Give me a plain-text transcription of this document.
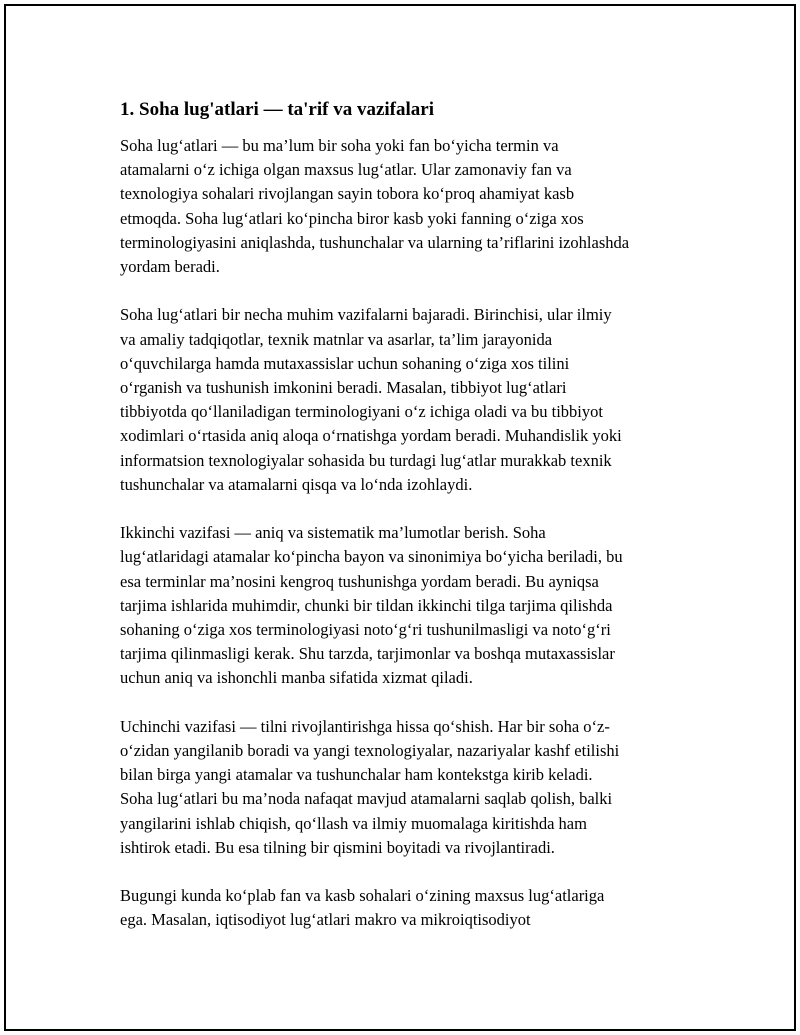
1. Soha lug'atlari — ta'rif va vazifalari

Soha lug‘atlari — bu ma’lum bir soha yoki fan bo‘yicha termin va
atamalarni o‘z ichiga olgan maxsus lug‘atlar. Ular zamonaviy fan va
texnologiya sohalari rivojlangan sayin tobora ko‘proq ahamiyat kasb
etmoqda. Soha lug‘atlari ko‘pincha biror kasb yoki fanning o‘ziga xos
terminologiyasini aniqlashda, tushunchalar va ularning ta’riflarini izohlashda
yordam beradi.

Soha lug‘atlari bir necha muhim vazifalarni bajaradi. Birinchisi, ular ilmiy
va amaliy tadqiqotlar, texnik matnlar va asarlar, ta’lim jarayonida
o‘quvchilarga hamda mutaxassislar uchun sohaning o‘ziga xos tilini
o‘rganish va tushunish imkonini beradi. Masalan, tibbiyot lug‘atlari
tibbiyotda qo‘llaniladigan terminologiyani o‘z ichiga oladi va bu tibbiyot
xodimlari o‘rtasida aniq aloqa o‘rnatishga yordam beradi. Muhandislik yoki
informatsion texnologiyalar sohasida bu turdagi lug‘atlar murakkab texnik
tushunchalar va atamalarni qisqa va lo‘nda izohlaydi.

Ikkinchi vazifasi — aniq va sistematik ma’lumotlar berish. Soha
lug‘atlaridagi atamalar ko‘pincha bayon va sinonimiya bo‘yicha beriladi, bu
esa terminlar ma’nosini kengroq tushunishga yordam beradi. Bu ayniqsa
tarjima ishlarida muhimdir, chunki bir tildan ikkinchi tilga tarjima qilishda
sohaning o‘ziga xos terminologiyasi noto‘g‘ri tushunilmasligi va noto‘g‘ri
tarjima qilinmasligi kerak. Shu tarzda, tarjimonlar va boshqa mutaxassislar
uchun aniq va ishonchli manba sifatida xizmat qiladi.

Uchinchi vazifasi — tilni rivojlantirishga hissa qo‘shish. Har bir soha o‘z-
o‘zidan yangilanib boradi va yangi texnologiyalar, nazariyalar kashf etilishi
bilan birga yangi atamalar va tushunchalar ham kontekstga kirib keladi.
Soha lug‘atlari bu ma’noda nafaqat mavjud atamalarni saqlab qolish, balki
yangilarini ishlab chiqish, qo‘llash va ilmiy muomalaga kiritishda ham
ishtirok etadi. Bu esa tilning bir qismini boyitadi va rivojlantiradi.

Bugungi kunda ko‘plab fan va kasb sohalari o‘zining maxsus lug‘atlariga
ega. Masalan, iqtisodiyot lug‘atlari makro va mikroiqtisodiyot
